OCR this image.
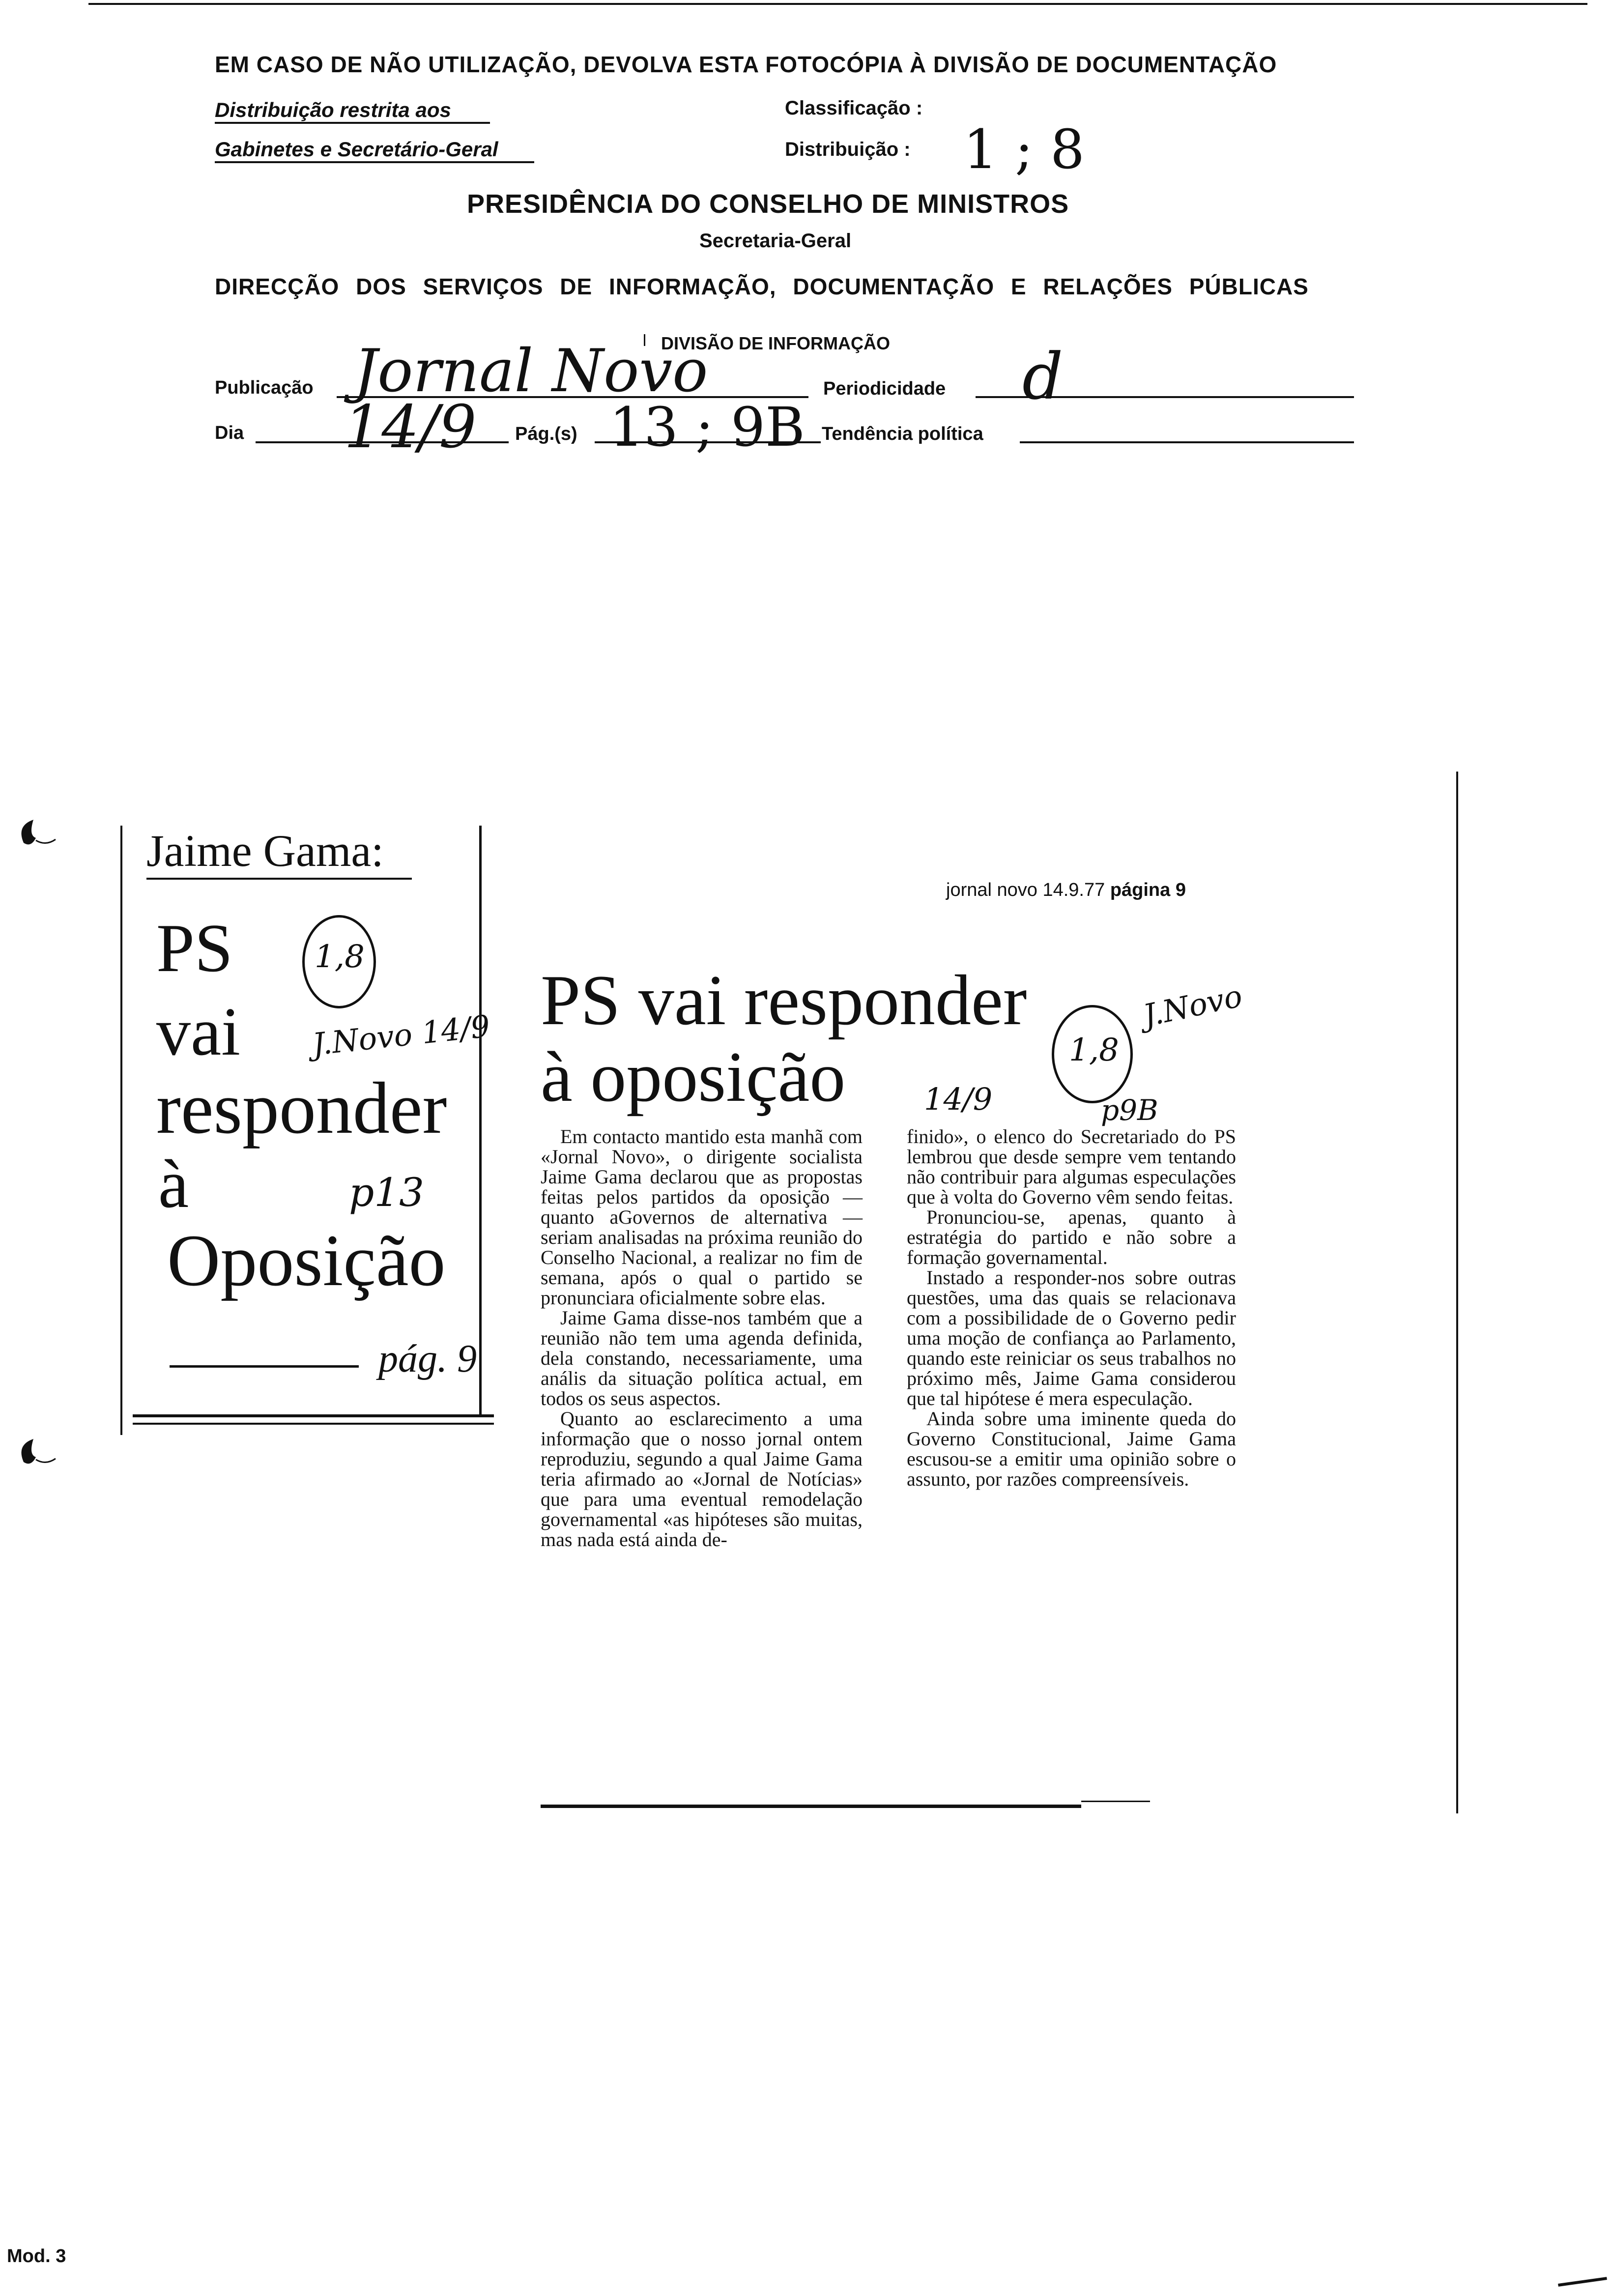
EM CASO DE NÃO UTILIZAÇÃO, DEVOLVA ESTA FOTOCÓPIA À DIVISÃO DE DOCUMENTAÇÃO
Distribuição restrita aos
Gabinetes e Secretário-Geral
Classificação :
Distribuição : 1 ; 8
PRESIDÊNCIA DO CONSELHO DE MINISTROS
Secretaria-Geral
DIRECÇÃO DOS SERVIÇOS DE INFORMAÇÃO, DOCUMENTAÇÃO E RELAÇÕES PÚBLICAS
DIVISÃO DE INFORMAÇÃO
Publicação Jornal Novo	Periodicidade d
Dia 14/9 Pág.(s) 13 ; 9B Tendência política
Jaime Gama:
PS
vai
responder
à
Oposição
1,8
J.Novo 14/9
p13
pág. 9
jornal novo 14.9.77 página 9
PS vai responder
à oposição	1,8
J.Novo
14/9	p9B

Em contacto mantido esta manhã com «Jornal Novo», o dirigente socialista Jaime Gama declarou que as propostas feitas pelos partidos da oposição — quanto aGovernos de alternativa — seriam analisadas na próxima reunião do Conselho Nacional, a realizar no fim de semana, após o qual o partido se pronunciara oficialmente sobre elas.

Jaime Gama disse-nos também que a reunião não tem uma agenda definida, dela constando, necessariamente, uma anális da situação política actual, em todos os seus aspectos.

Quanto ao esclarecimento a uma informação que o nosso jornal ontem reproduziu, segundo a qual Jaime Gama teria afirmado ao «Jornal de Notícias» que para uma eventual remodelação governamental «as hipóteses são muitas, mas nada está ainda de-

finido», o elenco do Secretariado do PS lembrou que desde sempre vem tentando não contribuir para algumas especulações que à volta do Governo vêm sendo feitas.

Pronunciou-se, apenas, quanto à estratégia do partido e não sobre a formação governamental.

Instado a responder-nos sobre outras questões, uma das quais se relacionava com a possibilidade de o Governo pedir uma moção de confiança ao Parlamento, quando este reiniciar os seus trabalhos no próximo mês, Jaime Gama considerou que tal hipótese é mera especulação.

Ainda sobre uma iminente queda do Governo Constitucional, Jaime Gama escusou-se a emitir uma opinião sobre o assunto, por razões compreensíveis.

Mod. 3
